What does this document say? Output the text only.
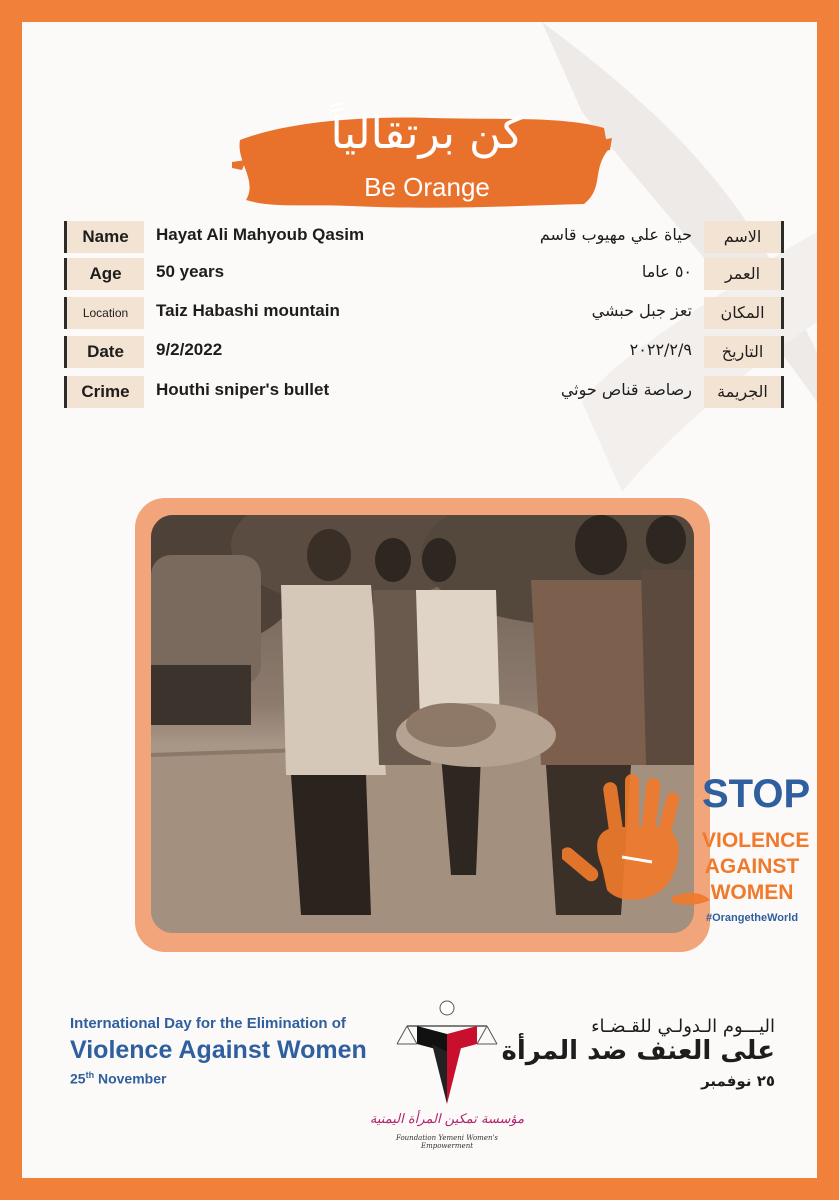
كن برتقالياً
Be Orange
Name	Hayat Ali Mahyoub Qasim	حياة علي مهيوب قاسم	الاسم
Age	50 years	٥٠ عاما	العمر
Location	Taiz Habashi mountain	تعز جبل حبشي	المكان
Date	9/2/2022	٢٠٢٢/٢/٩	التاريخ
Crime	Houthi sniper's bullet	رصاصة قناص حوثي	الجريمة
STOP
VIOLENCE
AGAINST
WOMEN
#OrangetheWorld
International Day for the Elimination of
Violence Against Women
25th November
مؤسسة تمكين المرأة اليمنية
Foundation Yemeni Women's Empowerment
اليـــوم الـدولـي للقـضـاء
على العنف ضد المرأة
٢٥ نوفمبر
